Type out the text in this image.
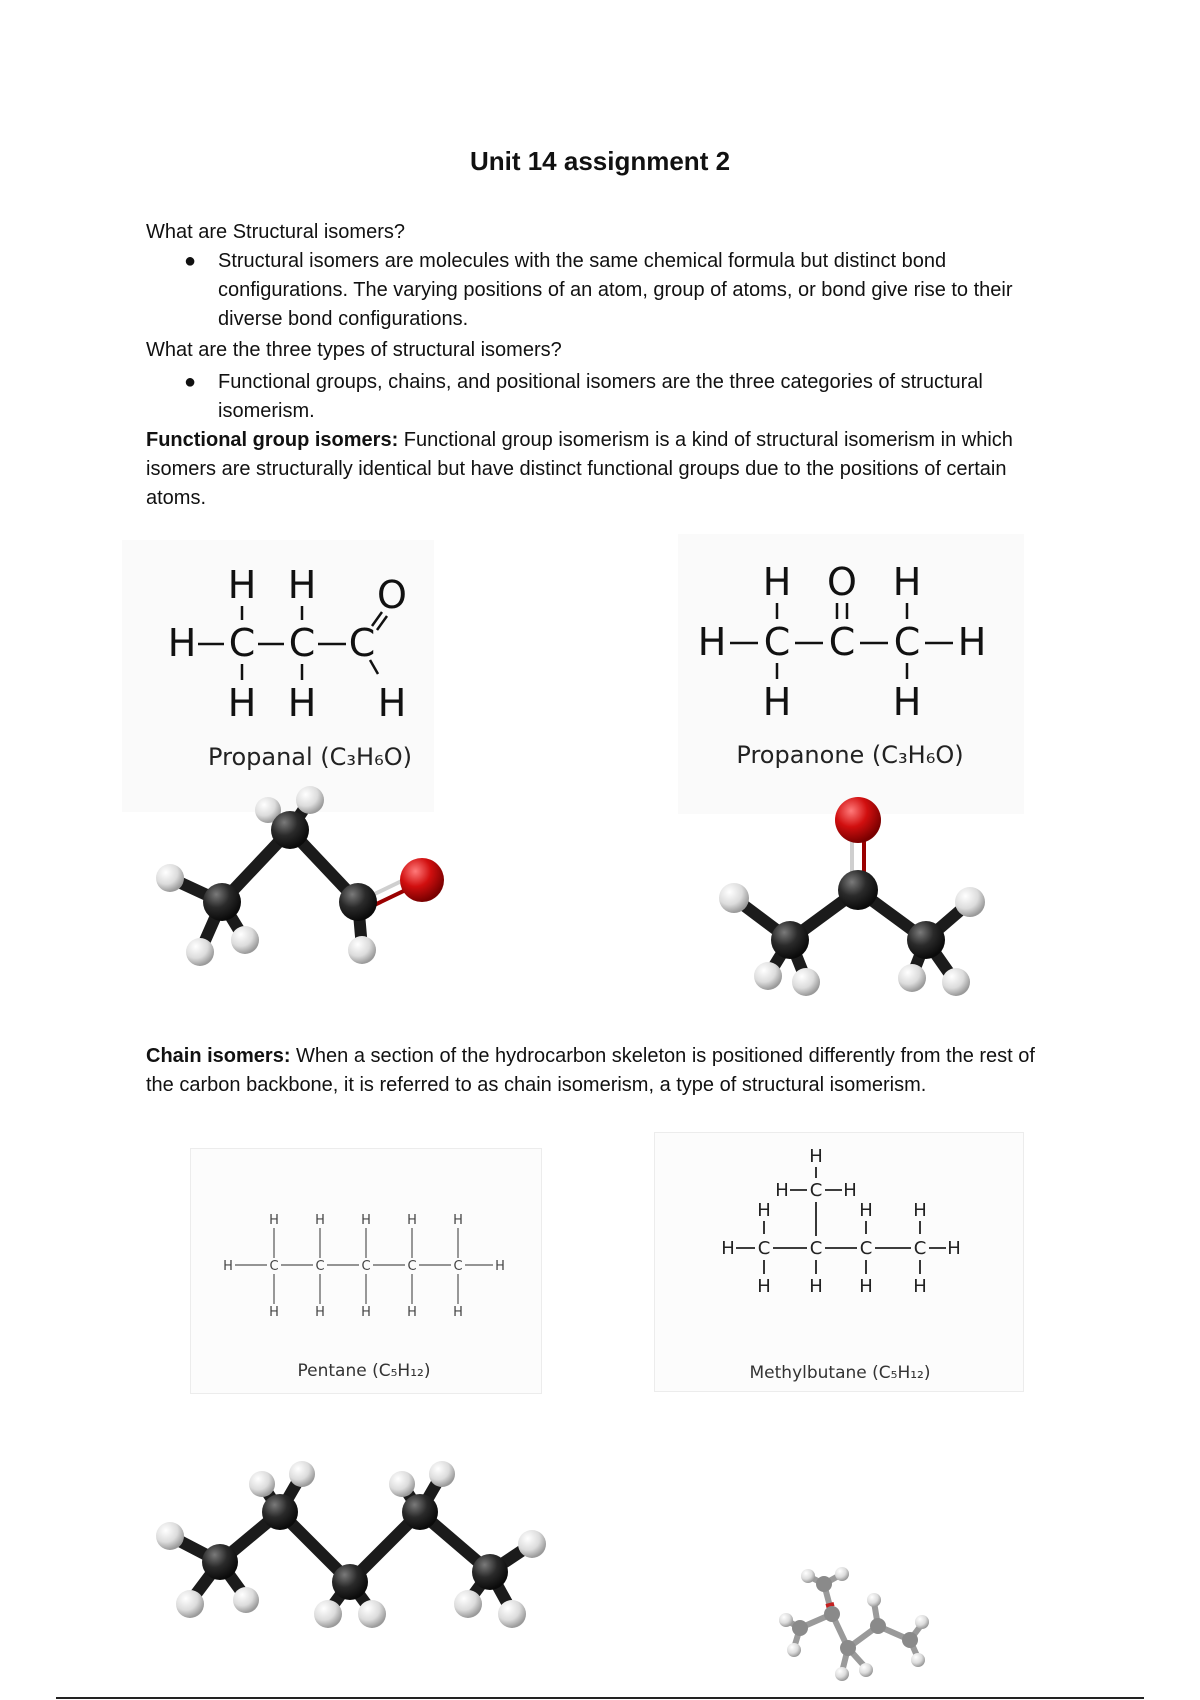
Unit 14 assignment 2

What are Structural isomers?

●	Structural isomers are molecules with the same chemical formula but distinct bond configurations. The varying positions of an atom, group of atoms, or bond give rise to their diverse bond configurations.

What are the three types of structural isomers?

●	Functional groups, chains, and positional isomers are the three categories of structural isomerism.

Functional group isomers: Functional group isomerism is a kind of structural isomerism in which isomers are structurally identical but have distinct functional groups due to the positions of certain atoms.

H H O
H C C C
H H H
Propanal (C₃H₆O)
H O H
H C C C H
H	H
Propanone (C₃H₆O)

Chain isomers: When a section of the hydrocarbon skeleton is positioned differently from the rest of the carbon backbone, it is referred to as chain isomerism, a type of structural isomerism.

H	H	H	H	H
H	C	C	C	C	C	H
H	H	H	H	H
Pentane (C₅H₁₂)
H
H C H
H	H H
H C C C C H
H H H H
Methylbutane (C₅H₁₂)
